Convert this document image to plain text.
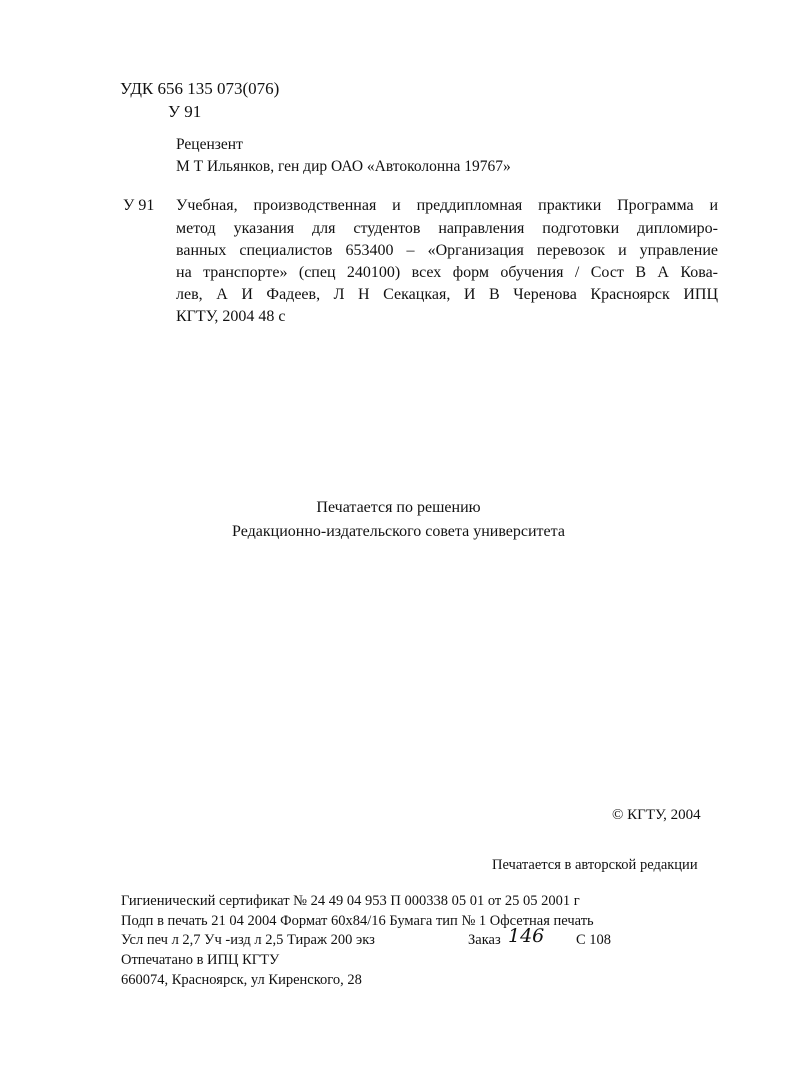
УДК 656 135 073(076)
У 91
Рецензент
М Т Ильянков, ген дир ОАО «Автоколонна 19767»
У 91 Учебная, производственная и преддипломная практики Программа и
метод указания для студентов направления подготовки дипломиро-
ванных специалистов 653400 – «Организация перевозок и управление
на транспорте» (спец 240100) всех форм обучения / Сост В А Кова-
лев, А И Фадеев, Л Н Секацкая, И В Черенова Красноярск ИПЦ
КГТУ, 2004 48 с
Печатается по решению
Редакционно-издательского совета университета
© КГТУ, 2004
Печатается в авторской редакции
Гигиенический сертификат № 24 49 04 953 П 000338 05 01 от 25 05 2001 г
Подп в печать 21 04 2004 Формат 60х84/16 Бумага тип № 1 Офсетная печать
Усл печ л 2,7 Уч -изд л 2,5 Тираж 200 экз	Заказ 146 С 108
Отпечатано в ИПЦ КГТУ
660074, Красноярск, ул Киренского, 28
